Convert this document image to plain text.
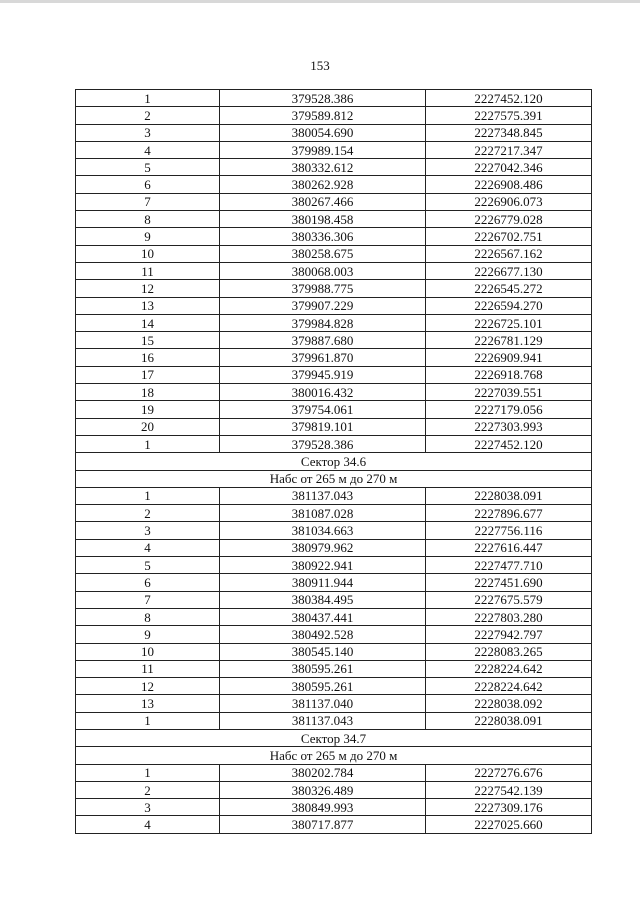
153
1	379528.386	2227452.120
2	379589.812	2227575.391
3	380054.690	2227348.845
4	379989.154	2227217.347
5	380332.612	2227042.346
6	380262.928	2226908.486
7	380267.466	2226906.073
8	380198.458	2226779.028
9	380336.306	2226702.751
10	380258.675	2226567.162
11	380068.003	2226677.130
12	379988.775	2226545.272
13	379907.229	2226594.270
14	379984.828	2226725.101
15	379887.680	2226781.129
16	379961.870	2226909.941
17	379945.919	2226918.768
18	380016.432	2227039.551
19	379754.061	2227179.056
20	379819.101	2227303.993
1	379528.386	2227452.120
Сектор 34.6		
Набс от 265 м до 270 м		
1	381137.043	2228038.091
2	381087.028	2227896.677
3	381034.663	2227756.116
4	380979.962	2227616.447
5	380922.941	2227477.710
6	380911.944	2227451.690
7	380384.495	2227675.579
8	380437.441	2227803.280
9	380492.528	2227942.797
10	380545.140	2228083.265
11	380595.261	2228224.642
12	380595.261	2228224.642
13	381137.040	2228038.092
1	381137.043	2228038.091
Сектор 34.7		
Набс от 265 м до 270 м		
1	380202.784	2227276.676
2	380326.489	2227542.139
3	380849.993	2227309.176
4	380717.877	2227025.660
